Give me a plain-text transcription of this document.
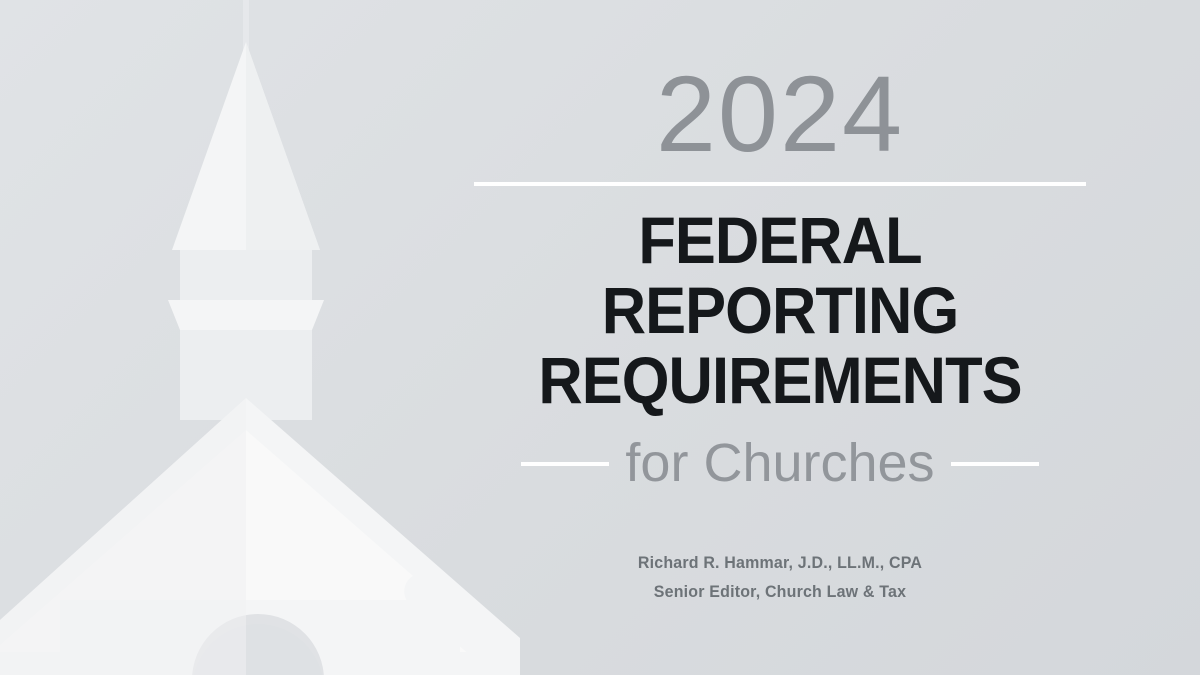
2024
FEDERAL REPORTING
REQUIREMENTS
for Churches
Richard R. Hammar, J.D., LL.M., CPA
Senior Editor, Church Law & Tax
